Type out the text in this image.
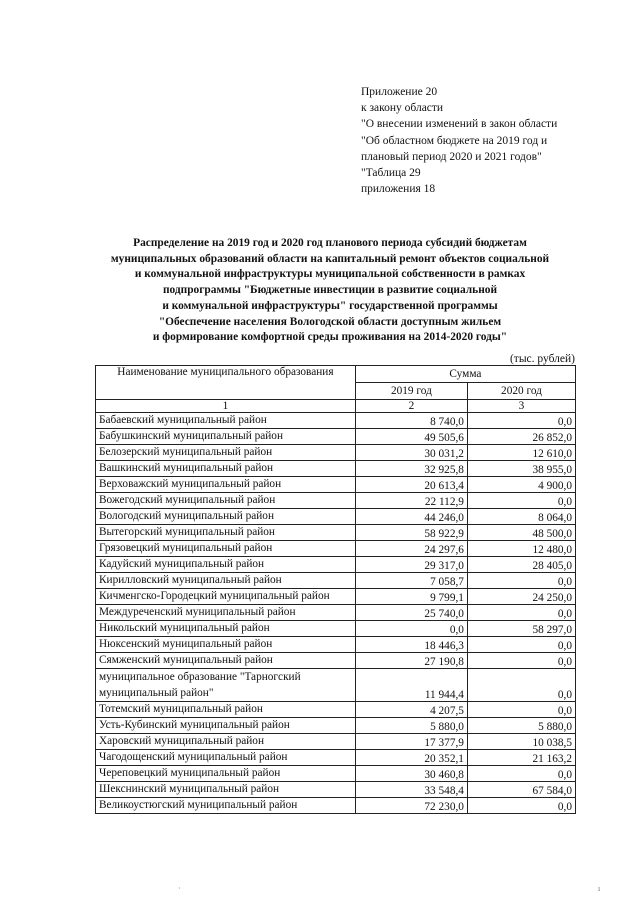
Приложение 20
к закону области
"О внесении изменений в закон области
"Об областном бюджете на 2019 год и
плановый период 2020 и 2021 годов"
"Таблица 29
приложения 18
Распределение на 2019 год и 2020 год планового периода субсидий бюджетам
муниципальных образований области на капитальный ремонт объектов социальной
и коммунальной инфраструктуры муниципальной собственности в рамках
подпрограммы "Бюджетные инвестиции в развитие социальной
и коммунальной инфраструктуры" государственной программы
"Обеспечение населения Вологодской области доступным жильем
и формирование комфортной среды проживания на 2014-2020 годы"
(тыс. рублей)
Наименование муниципального образования	Сумма	
	2019 год	2020 год
1	2	3
Бабаевский муниципальный район	8 740,0	0,0
Бабушкинский муниципальный район	49 505,6	26 852,0
Белозерский муниципальный район	30 031,2	12 610,0
Вашкинский муниципальный район	32 925,8	38 955,0
Верховажский муниципальный район	20 613,4	4 900,0
Вожегодский муниципальный район	22 112,9	0,0
Вологодский муниципальный район	44 246,0	8 064,0
Вытегорский муниципальный район	58 922,9	48 500,0
Грязовецкий муниципальный район	24 297,6	12 480,0
Кадуйский муниципальный район	29 317,0	28 405,0
Кирилловский муниципальный район	7 058,7	0,0
Кичменгско-Городецкий муниципальный район	9 799,1	24 250,0
Междуреченский муниципальный район	25 740,0	0,0
Никольский муниципальный район	0,0	58 297,0
Нюксенский муниципальный район	18 446,3	0,0
Сямженский муниципальный район	27 190,8	0,0
муниципальное образование "Тарногский муниципальный район"	11 944,4	0,0
Тотемский муниципальный район	4 207,5	0,0
Усть-Кубинский муниципальный район	5 880,0	5 880,0
Харовский муниципальный район	17 377,9	10 038,5
Чагодощенский муниципальный район	20 352,1	21 163,2
Череповецкий муниципальный район	30 460,8	0,0
Шекснинский муниципальный район	33 548,4	67 584,0
Великоустюгский муниципальный район	72 230,0	0,0
·	ı
